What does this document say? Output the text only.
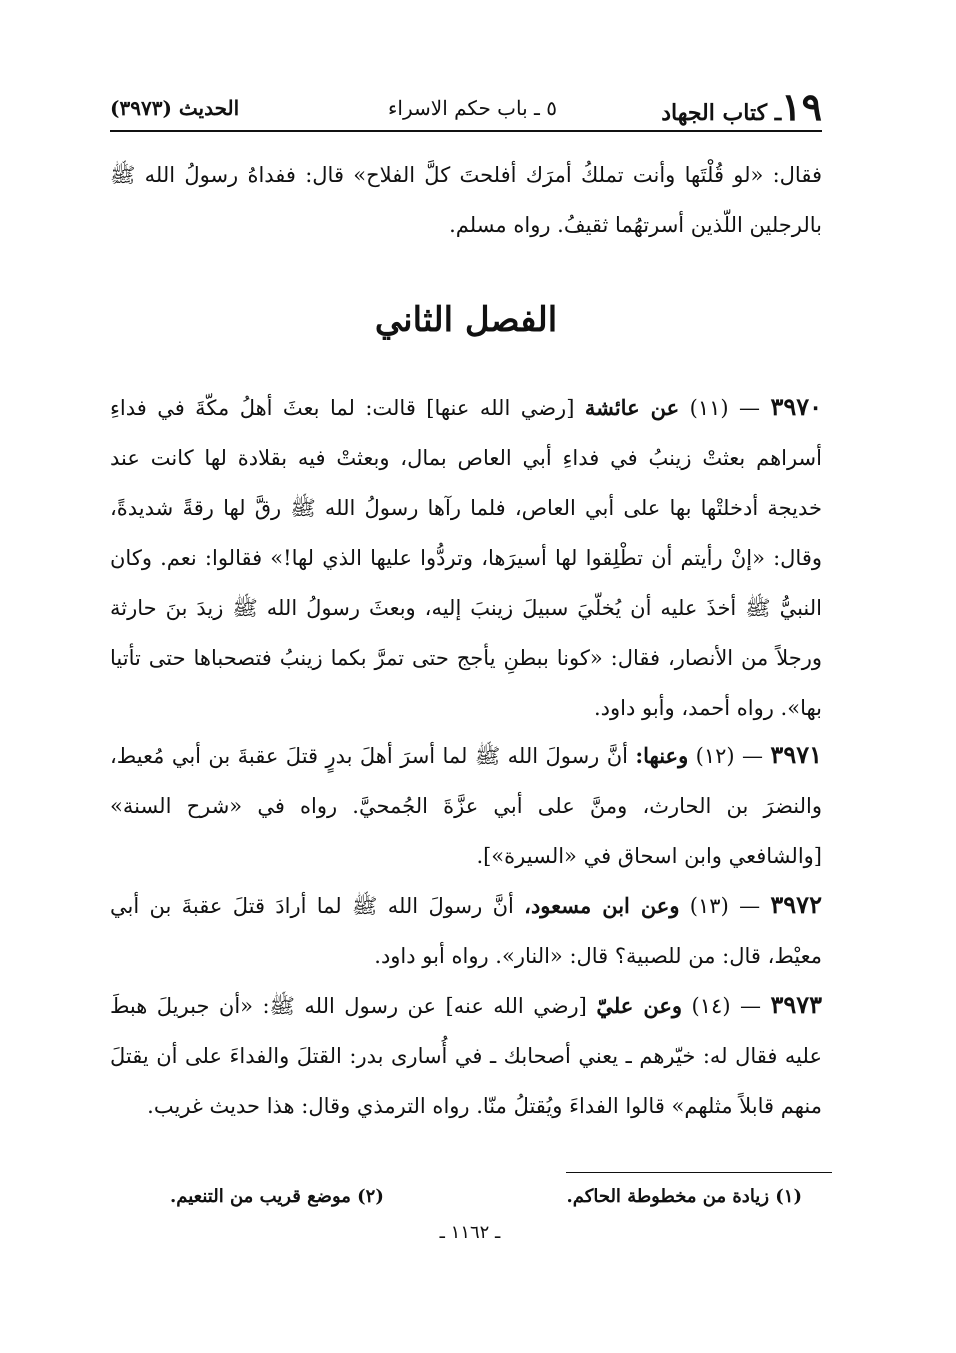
١٩ـ كتاب الجهاد
٥ ـ باب حكم الاسراء
الحديث (٣٩٧٣)
فقال: «لو قُلْتَها وأنت تملكُ أمرَك أفلحتَ كلَّ الفلاح» قال: ففداهُ رسولُ الله ﷺ بالرجلين اللّذين أسرتهُما ثقيفُ. رواه مسلم.
الفصل الثاني
٣٩٧٠ — (١١) عن عائشة [رضي الله عنها] قالت: لما بعثَ أهلُ مكّةَ في فداءِ أسراهم بعثتْ زينبُ في فداءِ أبي العاص بمال، وبعثتْ فيه بقلادة لها كانت عند خديجة أدخلتْها بها على أبي العاص، فلما رآها رسولُ الله ﷺ رقَّ لها رقةً شديدةً، وقال: «إنْ رأيتم أن تطْلِقوا لها أسيرَها، وتردُّوا عليها الذي لها!» فقالوا: نعم. وكان النبيُّ ﷺ أخذَ عليه أن يُخلّيَ سبيلَ زينبَ إليه، وبعثَ رسولُ الله ﷺ زيدَ بنَ حارثة ورجلاً من الأنصار، فقال: «كونا ببطنِ يأجج حتى تمرَّ بكما زينبُ فتصحباها حتى تأتيا بها». رواه أحمد، وأبو داود.
٣٩٧١ — (١٢) وعنها: أنَّ رسولَ الله ﷺ لما أسرَ أهلَ بدرٍ قتلَ عقبةَ بن أبي مُعيط، والنضرَ بن الحارث، ومنَّ على أبي عزَّةَ الجُمحيَّ. رواه في «شرح السنة» [والشافعي وابن اسحاق في «السيرة»].
٣٩٧٢ — (١٣) وعن ابن مسعود، أنَّ رسولَ الله ﷺ لما أرادَ قتلَ عقبةَ بن أبي معيْط، قال: من للصبية؟ قال: «النار». رواه أبو داود.
٣٩٧٣ — (١٤) وعن عليّ [رضي الله عنه] عن رسول الله ﷺ: «أن جبريلَ هبطَ عليه فقال له: خيّرهم ـ يعني أصحابك ـ في أُسارى بدر: القتلَ والفداءَ على أن يقتلَ منهم قابلاً مثلهم» قالوا الفداءَ ويُقتلُ منّا. رواه الترمذي وقال: هذا حديث غريب.
(١) زيادة من مخطوطة الحاكم.
(٢) موضع قريب من التنعيم.
ـ ١١٦٢ ـ
